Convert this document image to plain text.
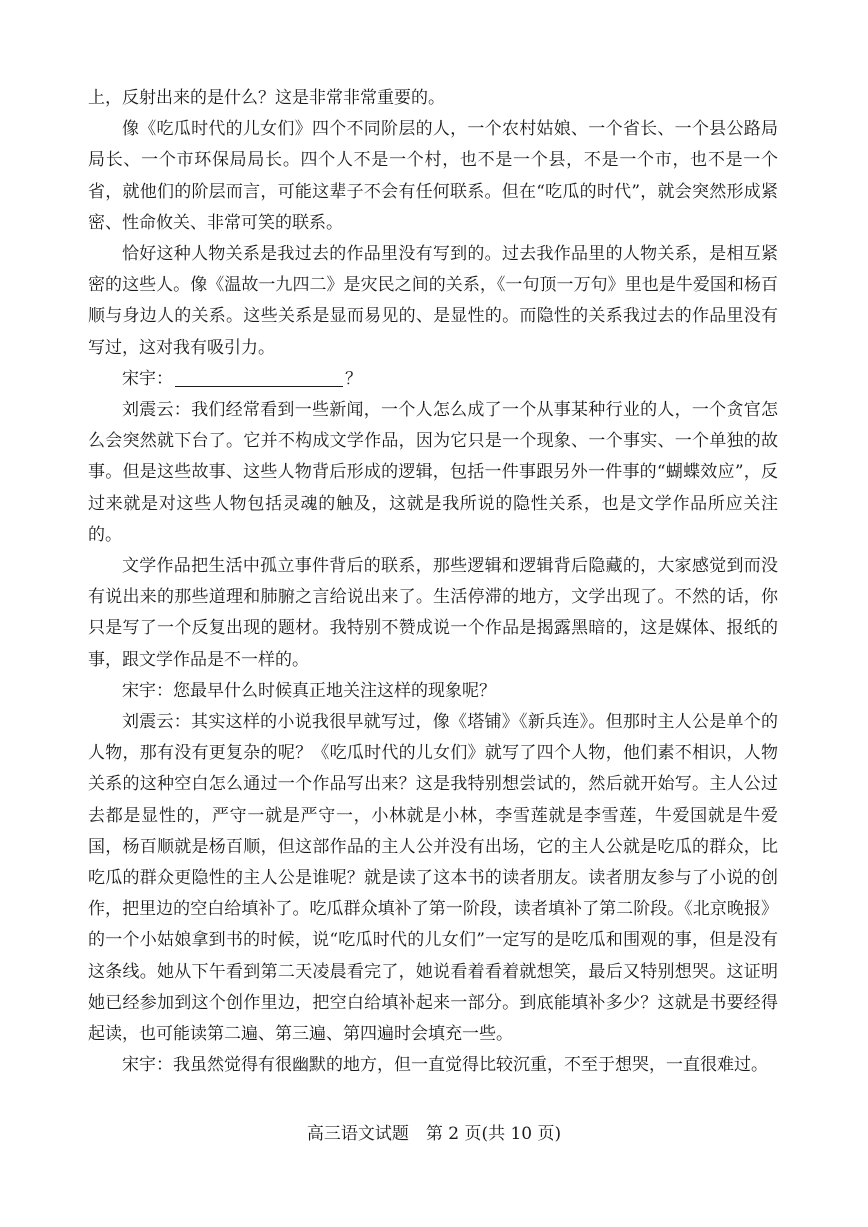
上，反射出来的是什么？这是非常非常重要的。

像《吃瓜时代的儿女们》四个不同阶层的人，一个农村姑娘、一个省长、一个县公路局局长、一个市环保局局长。四个人不是一个村，也不是一个县，不是一个市，也不是一个省，就他们的阶层而言，可能这辈子不会有任何联系。但在“吃瓜的时代”，就会突然形成紧密、性命攸关、非常可笑的联系。

恰好这种人物关系是我过去的作品里没有写到的。过去我作品里的人物关系，是相互紧密的这些人。像《温故一九四二》是灾民之间的关系，《一句顶一万句》里也是牛爱国和杨百顺与身边人的关系。这些关系是显而易见的、是显性的。而隐性的关系我过去的作品里没有写过，这对我有吸引力。

宋宇：	？

刘震云：我们经常看到一些新闻，一个人怎么成了一个从事某种行业的人，一个贪官怎么会突然就下台了。它并不构成文学作品，因为它只是一个现象、一个事实、一个单独的故事。但是这些故事、这些人物背后形成的逻辑，包括一件事跟另外一件事的“蝴蝶效应”，反过来就是对这些人物包括灵魂的触及，这就是我所说的隐性关系，也是文学作品所应关注的。

文学作品把生活中孤立事件背后的联系，那些逻辑和逻辑背后隐藏的，大家感觉到而没有说出来的那些道理和肺腑之言给说出来了。生活停滞的地方，文学出现了。不然的话，你只是写了一个反复出现的题材。我特别不赞成说一个作品是揭露黑暗的，这是媒体、报纸的事，跟文学作品是不一样的。

宋宇：您最早什么时候真正地关注这样的现象呢？

刘震云：其实这样的小说我很早就写过，像《塔铺》《新兵连》。但那时主人公是单个的人物，那有没有更复杂的呢？《吃瓜时代的儿女们》就写了四个人物，他们素不相识，人物关系的这种空白怎么通过一个作品写出来？这是我特别想尝试的，然后就开始写。主人公过去都是显性的，严守一就是严守一，小林就是小林，李雪莲就是李雪莲，牛爱国就是牛爱国，杨百顺就是杨百顺，但这部作品的主人公并没有出场，它的主人公就是吃瓜的群众，比吃瓜的群众更隐性的主人公是谁呢？就是读了这本书的读者朋友。读者朋友参与了小说的创作，把里边的空白给填补了。吃瓜群众填补了第一阶段，读者填补了第二阶段。《北京晚报》的一个小姑娘拿到书的时候，说“吃瓜时代的儿女们”一定写的是吃瓜和围观的事，但是没有这条线。她从下午看到第二天凌晨看完了，她说看着看着就想笑，最后又特别想哭。这证明她已经参加到这个创作里边，把空白给填补起来一部分。到底能填补多少？这就是书要经得起读，也可能读第二遍、第三遍、第四遍时会填充一些。

宋宇：我虽然觉得有很幽默的地方，但一直觉得比较沉重，不至于想哭，一直很难过。

高三语文试题　第 2 页(共 10 页)
